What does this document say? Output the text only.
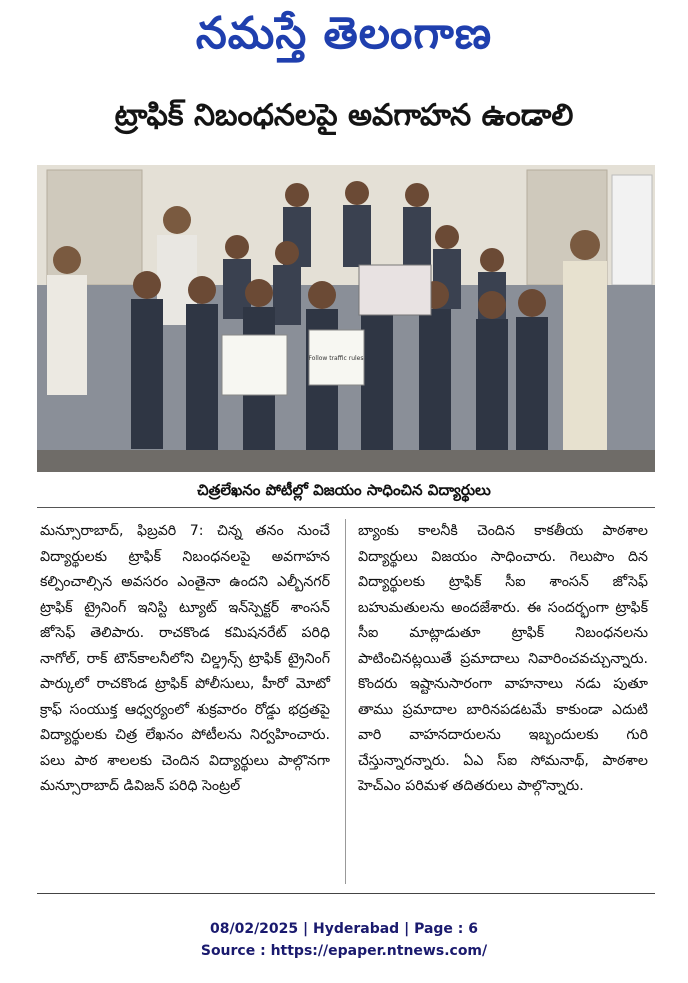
నమస్తే తెలంగాణ
ట్రాఫిక్ నిబంధనలపై అవగాహన ఉండాలి
Follow traffic rules
చిత్రలేఖనం పోటీల్లో విజయం సాధించిన విద్యార్థులు
మన్సూరాబాద్, ఫిబ్రవరి 7: చిన్న తనం నుంచే విద్యార్థులకు ట్రాఫిక్ నిబంధనలపై అవగాహన కల్పించాల్సిన అవసరం ఎంతైనా ఉందని ఎల్బీనగర్ ట్రాఫిక్ ట్రైనింగ్ ఇనిస్టి ట్యూట్ ఇన్‌స్పెక్టర్ శాంసన్ జోసెఫ్ తెలిపారు. రాచకొండ కమిషనరేట్ పరిధి నాగోల్, రాక్ టౌన్‌కాలనీలోని చిల్డ్రన్స్ ట్రాఫిక్ ట్రైనింగ్ పార్కులో రాచకొండ ట్రాఫిక్ పోలీసులు, హీరో మోటో క్రాఫ్ సంయుక్త ఆధ్వర్యంలో శుక్రవారం రోడ్డు భద్రతపై విద్యార్థులకు చిత్ర లేఖనం పోటీలను నిర్వహించారు. పలు పాఠ శాలలకు చెందిన విద్యార్థులు పాల్గొనగా మన్సూరాబాద్ డివిజన్ పరిధి సెంట్రల్
బ్యాంకు కాలనీకి చెందిన కాకతీయ పాఠశాల విద్యార్థులు విజయం సాధించారు. గెలుపొం దిన విద్యార్థులకు ట్రాఫిక్ సీఐ శాంసన్ జోసెఫ్ బహుమతులను అందజేశారు. ఈ సందర్భంగా ట్రాఫిక్ సీఐ మాట్లాడుతూ ట్రాఫిక్ నిబంధనలను పాటించినట్లయితే ప్రమాదాలు నివారించవచ్చున్నారు. కొందరు ఇష్టానుసారంగా వాహనాలు నడు పుతూ తాము ప్రమాదాల బారినపడటమే కాకుండా ఎదుటి వారి వాహనదారులను ఇబ్బందులకు గురి చేస్తున్నారన్నారు. ఏఎ స్ఐ సోమనాథ్, పాఠశాల హెచ్ఎం పరిమళ తదితరులు పాల్గొన్నారు.
08/02/2025 | Hyderabad | Page : 6
Source : https://epaper.ntnews.com/
